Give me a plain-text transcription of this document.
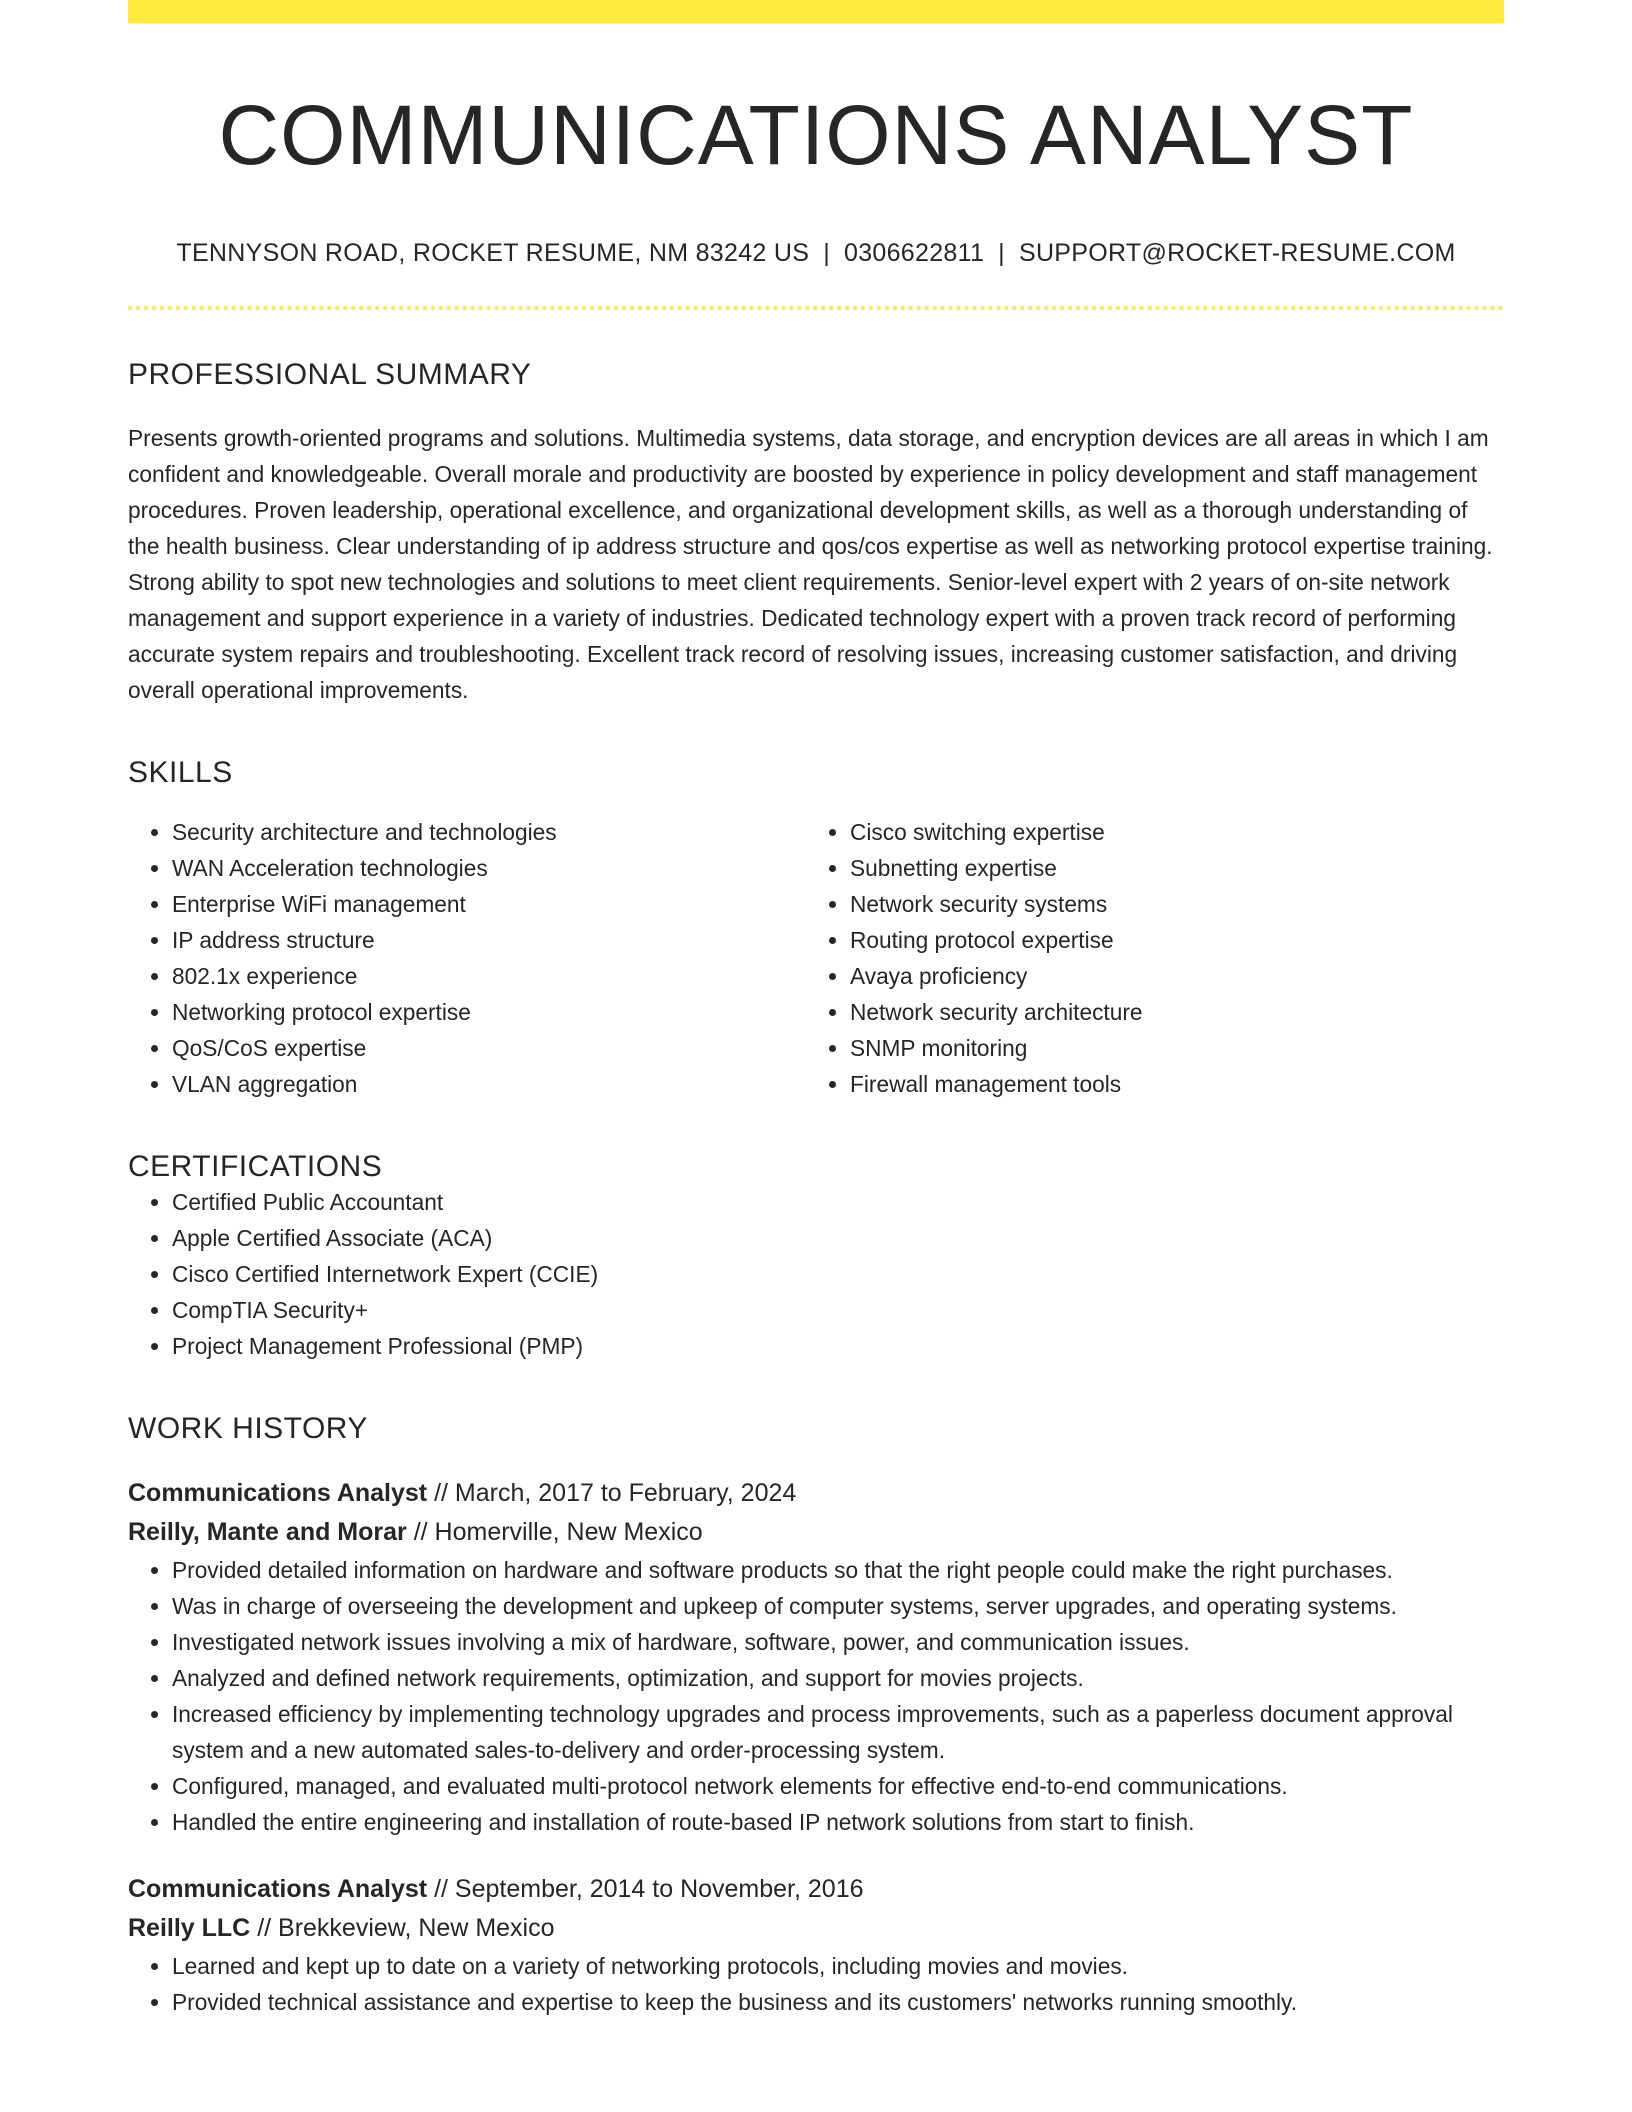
COMMUNICATIONS ANALYST
TENNYSON ROAD, ROCKET RESUME, NM 83242 US | 0306622811 | SUPPORT@ROCKET-RESUME.COM
PROFESSIONAL SUMMARY

Presents growth-oriented programs and solutions. Multimedia systems, data storage, and encryption devices are all areas in which I am confident and knowledgeable. Overall morale and productivity are boosted by experience in policy development and staff management procedures. Proven leadership, operational excellence, and organizational development skills, as well as a thorough understanding of the health business. Clear understanding of ip address structure and qos/cos expertise as well as networking protocol expertise training. Strong ability to spot new technologies and solutions to meet client requirements. Senior-level expert with 2 years of on-site network management and support experience in a variety of industries. Dedicated technology expert with a proven track record of performing accurate system repairs and troubleshooting. Excellent track record of resolving issues, increasing customer satisfaction, and driving overall operational improvements.

SKILLS
• Security architecture and technologies
• WAN Acceleration technologies
• Enterprise WiFi management
• IP address structure
• 802.1x experience
• Networking protocol expertise
• QoS/CoS expertise
• VLAN aggregation
• Cisco switching expertise
• Subnetting expertise
• Network security systems
• Routing protocol expertise
• Avaya proficiency
• Network security architecture
• SNMP monitoring
• Firewall management tools
CERTIFICATIONS
• Certified Public Accountant
• Apple Certified Associate (ACA)
• Cisco Certified Internetwork Expert (CCIE)
• CompTIA Security+
• Project Management Professional (PMP)
WORK HISTORY
Communications Analyst // March, 2017 to February, 2024
Reilly, Mante and Morar // Homerville, New Mexico
• Provided detailed information on hardware and software products so that the right people could make the right purchases.
• Was in charge of overseeing the development and upkeep of computer systems, server upgrades, and operating systems.
• Investigated network issues involving a mix of hardware, software, power, and communication issues.
• Analyzed and defined network requirements, optimization, and support for movies projects.
• Increased efficiency by implementing technology upgrades and process improvements, such as a paperless document approval system and a new automated sales-to-delivery and order-processing system.
• Configured, managed, and evaluated multi-protocol network elements for effective end-to-end communications.
• Handled the entire engineering and installation of route-based IP network solutions from start to finish.
Communications Analyst // September, 2014 to November, 2016
Reilly LLC // Brekkeview, New Mexico
• Learned and kept up to date on a variety of networking protocols, including movies and movies.
• Provided technical assistance and expertise to keep the business and its customers' networks running smoothly.
